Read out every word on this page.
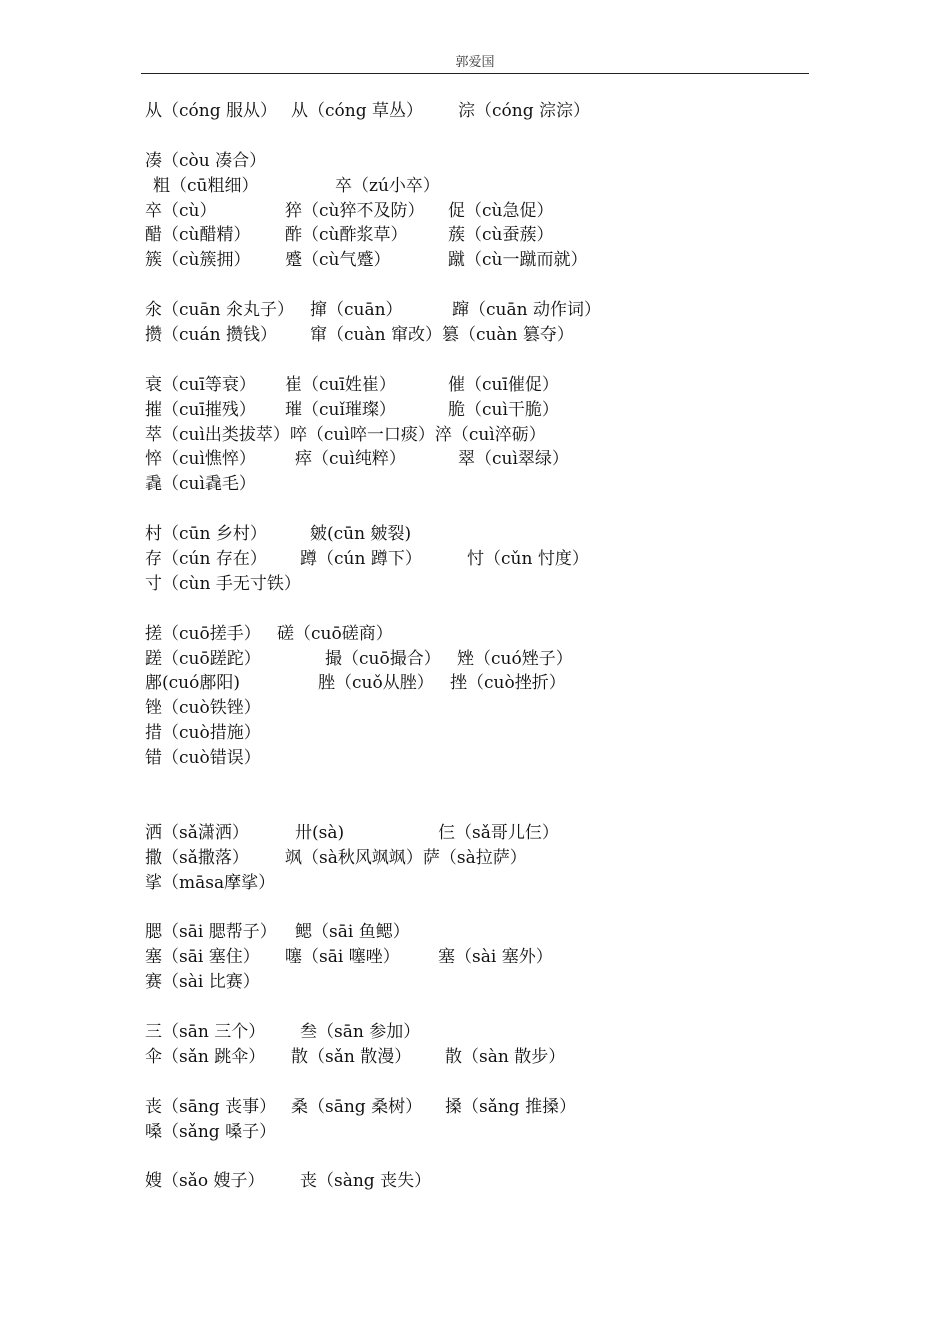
郭爱国
从（cóng 服从） 从（cóng 草丛） 淙（cóng 淙淙）
凑（còu 凑合）
粗（cū粗细）	卒（zú小卒）
卒（cù）	猝（cù猝不及防） 促（cù急促）
醋（cù醋精） 酢（cù酢浆草） 蔟（cù蚕蔟）
簇（cù簇拥） 蹙（cù气蹙）	蹴（cù一蹴而就）
氽（cuān 氽丸子） 撺（cuān）	蹿（cuān 动作词）
攒（cuán 攒钱） 窜（cuàn 窜改）篡（cuàn 篡夺）
衰（cuī等衰） 崔（cuī姓崔）	催（cuī催促）
摧（cuī摧残） 璀（cuǐ璀璨）	脆（cuì干脆）
萃（cuì出类拔萃）啐（cuì啐一口痰）淬（cuì淬砺）
悴（cuì憔悴） 瘁（cuì纯粹）	翠（cuì翠绿）
毳（cuì毳毛）
村（cūn 乡村）	皴(cūn 皴裂)
存（cún 存在） 蹲（cún 蹲下）	忖（cǔn 忖度）
寸（cùn 手无寸铁）
搓（cuō搓手） 磋（cuō磋商）
蹉（cuō蹉跎）	撮（cuō撮合） 矬（cuó矬子）
鄌(cuó鄌阳)	脞（cuǒ从脞） 挫（cuò挫折）
锉（cuò铁锉）
措（cuò措施）
错（cuò错误）
洒（sǎ潇洒）	卅(sà)	仨（sǎ哥儿仨）
撒（sǎ撒落） 飒（sà秋风飒飒）萨（sà拉萨）
挲（māsa摩挲）
腮（sāi 腮帮子） 鳃（sāi 鱼鳃）
塞（sāi 塞住） 噻（sāi 噻唑） 塞（sài 塞外）
赛（sài 比赛）
三（sān 三个） 叁（sān 参加）
伞（sǎn 跳伞） 散（sǎn 散漫） 散（sàn 散步）
丧（sāng 丧事） 桑（sāng 桑树） 搡（sǎng 推搡）
嗓（sǎng 嗓子）
嫂（sǎo 嫂子） 丧（sàng 丧失）
